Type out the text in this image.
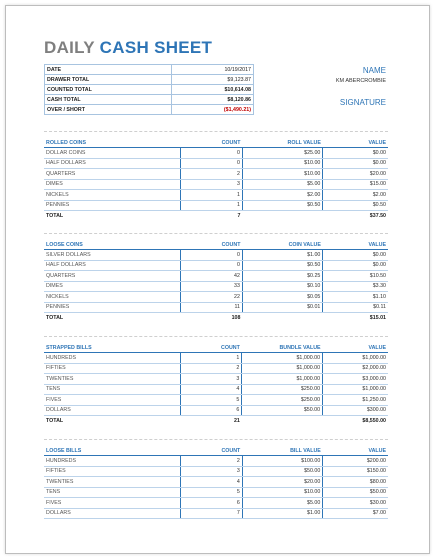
DAILY CASH SHEET
DATE	10/19/2017
DRAWER TOTAL	$9,123.87
COUNTED TOTAL	$10,614.08
CASH TOTAL	$8,120.86
OVER / SHORT	($1,490.21)
NAME
KM ABERCROMBIE
SIGNATURE
ROLLED COINS	COUNT	ROLL VALUE	VALUE
DOLLAR COINS	0	$25.00	$0.00
HALF DOLLARS	0	$10.00	$0.00
QUARTERS	2	$10.00	$20.00
DIMES	3	$5.00	$15.00
NICKELS	1	$2.00	$2.00
PENNIES	1	$0.50	$0.50
TOTAL	7		$37.50
LOOSE COINS	COUNT	COIN VALUE	VALUE
SILVER DOLLARS	0	$1.00	$0.00
HALF DOLLARS	0	$0.50	$0.00
QUARTERS	42	$0.25	$10.50
DIMES	33	$0.10	$3.30
NICKELS	22	$0.05	$1.10
PENNIES	11	$0.01	$0.11
TOTAL	108		$15.01
STRAPPED BILLS	COUNT	BUNDLE VALUE	VALUE
HUNDREDS	1	$1,000.00	$1,000.00
FIFTIES	2	$1,000.00	$2,000.00
TWENTIES	3	$1,000.00	$3,000.00
TENS	4	$250.00	$1,000.00
FIVES	5	$250.00	$1,250.00
DOLLARS	6	$50.00	$300.00
TOTAL	21		$8,550.00
LOOSE BILLS	COUNT	BILL VALUE	VALUE
HUNDREDS	2	$100.00	$200.00
FIFTIES	3	$50.00	$150.00
TWENTIES	4	$20.00	$80.00
TENS	5	$10.00	$50.00
FIVES	6	$5.00	$30.00
DOLLARS	7	$1.00	$7.00
